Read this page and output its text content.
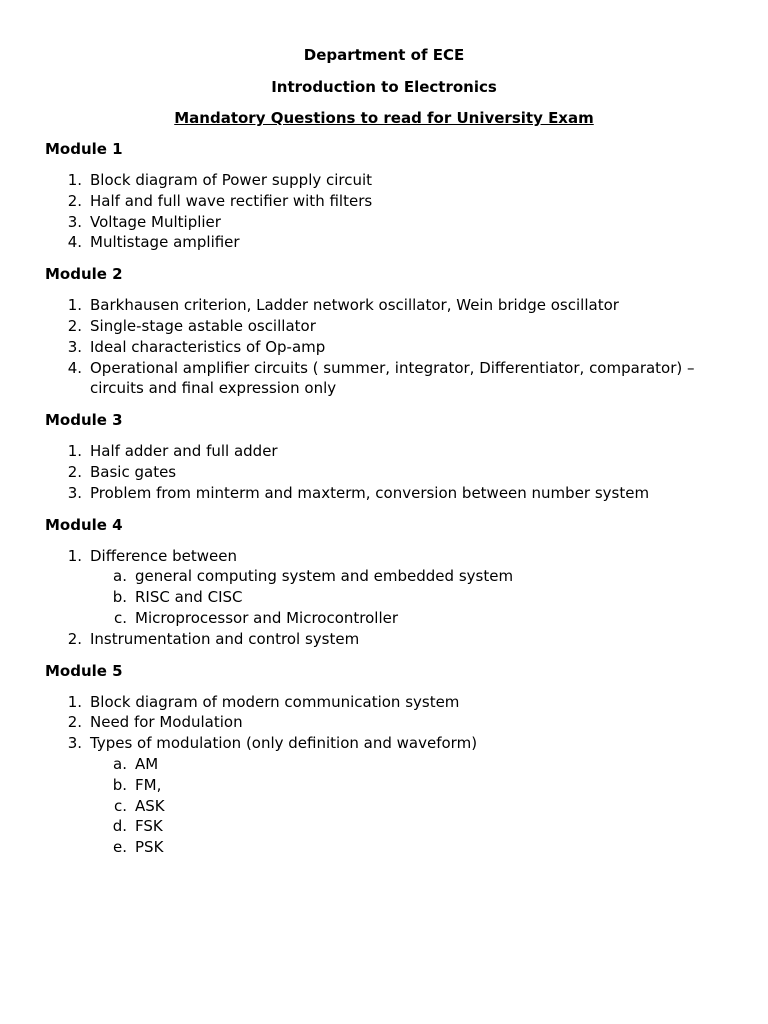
Department of ECE

Introduction to Electronics

Mandatory Questions to read for University Exam

Module 1

1. Block diagram of Power supply circuit
2. Half and full wave rectifier with filters
3. Voltage Multiplier
4. Multistage amplifier

Module 2

1. Barkhausen criterion, Ladder network oscillator, Wein bridge oscillator
2. Single-stage astable oscillator
3. Ideal characteristics of Op-amp
4. Operational amplifier circuits ( summer, integrator, Differentiator, comparator) – circuits and final expression only

Module 3

1. Half adder and full adder
2. Basic gates
3. Problem from minterm and maxterm, conversion between number system

Module 4

1. Difference between
a. general computing system and embedded system
b. RISC and CISC
c. Microprocessor and Microcontroller
2. Instrumentation and control system

Module 5

1. Block diagram of modern communication system
2. Need for Modulation
3. Types of modulation (only definition and waveform)
a. AM
b. FM,
c. ASK
d. FSK
e. PSK
